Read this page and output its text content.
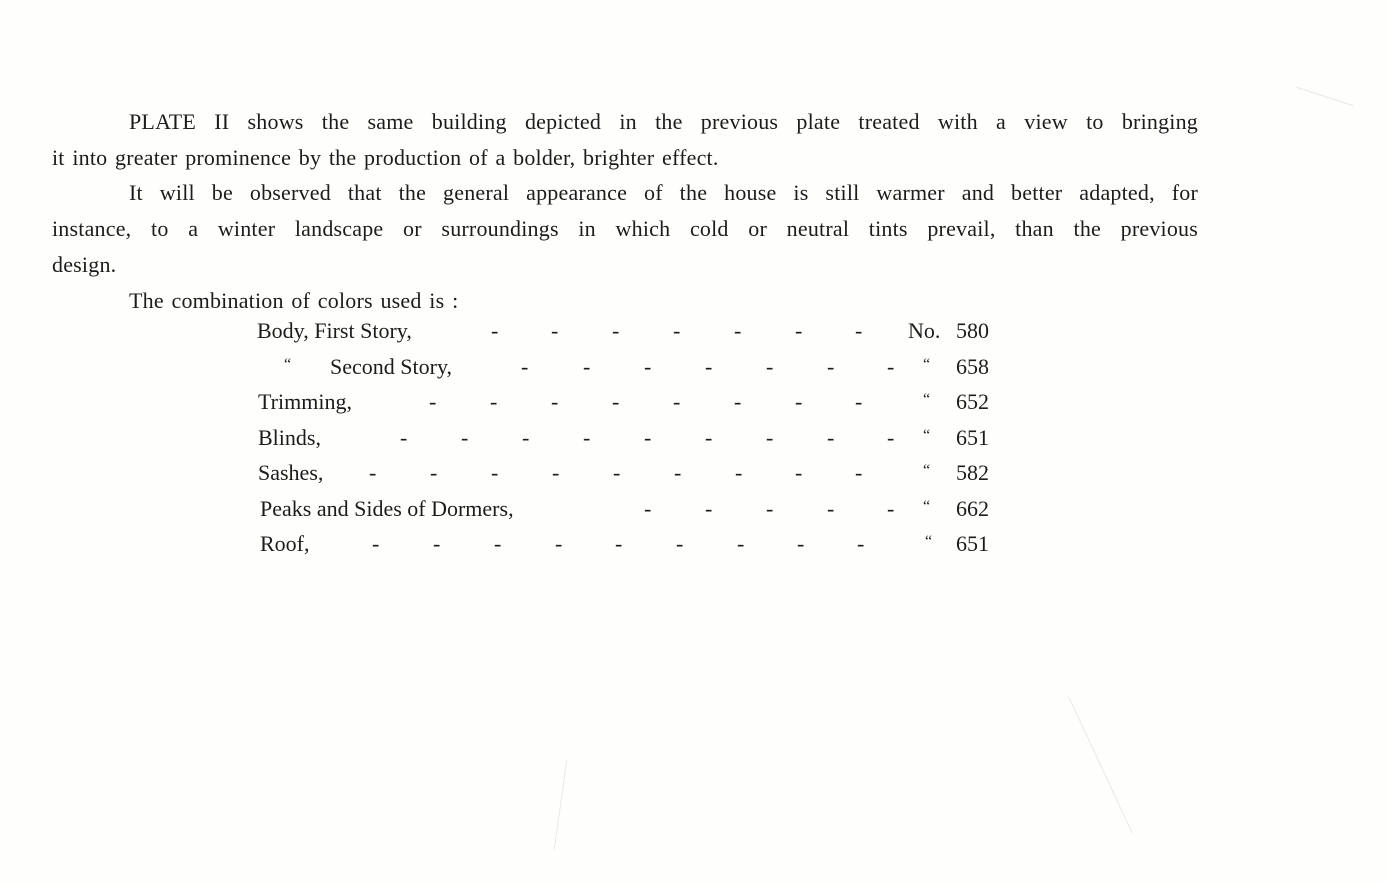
PLATE II shows the same building depicted in the previous plate treated with a view to bringing
it into greater prominence by the production of a bolder, brighter effect.
It will be observed that the general appearance of the house is still warmer and better adapted, for
instance, to a winter landscape or surroundings in which cold or neutral tints prevail, than the previous
design.
The combination of colors used is :
Body, First Story,	- - - - - - - No. 580
“ Second Story,	- - - - - - - “ 658
Trimming,	- - - - - - - -	“ 652
Blinds,	- - - - - - - - - “ 651
Sashes, - - - - - - - - -	“ 582
Peaks and Sides of Dormers,	- - - - - “ 662
Roof,	- - - - - - - - -	“ 651
